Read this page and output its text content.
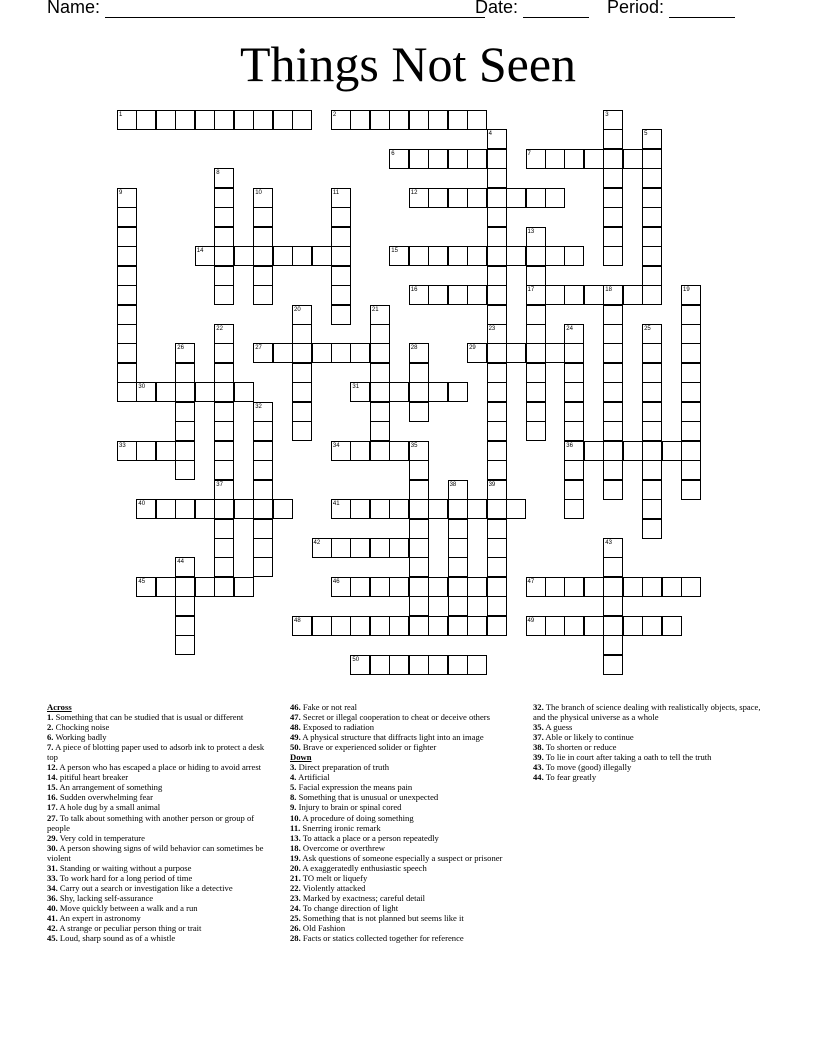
Name:	Date:	Period:
Things Not Seen
1	2	3
4	5
6	7
8
9	10	11	12
13
17
14	15
16	18	19
20	21
22
37
23	24
36
25
26	27	28	29
30	31
32
33	34	35
38	39
40	41
42	43
44
45	46	47
48	49
50
Across
1. Something that can be studied that is usual or different
2. Chocking noise
6. Working badly
7. A piece of blotting paper used to adsorb ink to protect a desk top
12. A person who has escaped a place or hiding to avoid arrest
14. pitiful heart breaker
15. An arrangement of something
16. Sudden overwhelming fear
17. A hole dug by a small animal
27. To talk about something with another person or group of people
29. Very cold in temperature
30. A person showing signs of wild behavior can sometimes be violent
31. Standing or waiting without a purpose
33. To work hard for a long period of time
34. Carry out a search or investigation like a detective
36. Shy, lacking self-assurance
40. Move quickly between a walk and a run
41. An expert in astronomy
42. A strange or peculiar person thing or trait
45. Loud, sharp sound as of a whistle
46. Fake or not real
47. Secret or illegal cooperation to cheat or deceive others
48. Exposed to radiation
49. A physical structure that diffracts light into an image
50. Brave or experienced solider or fighter
Down
3. Direct preparation of truth
4. Artificial
5. Facial expression the means pain
8. Something that is unusual or unexpected
9. Injury to brain or spinal cored
10. A procedure of doing something
11. Snerring ironic remark
13. To attack a place or a person repeatedly
18. Overcome or overthrew
19. Ask questions of someone especially a suspect or prisoner
20. A exaggeratedly enthusiastic speech
21. TO melt or liquefy
22. Violently attacked
23. Marked by exactness; careful detail
24. To change direction of light
25. Something that is not planned but seems like it
26. Old Fashion
28. Facts or statics collected together for reference
32. The branch of science dealing with realistically objects, space, and the physical universe as a whole
35. A guess
37. Able or likely to continue
38. To shorten or reduce
39. To lie in court after taking a oath to tell the truth
43. To move (good) illegally
44. To fear greatly
